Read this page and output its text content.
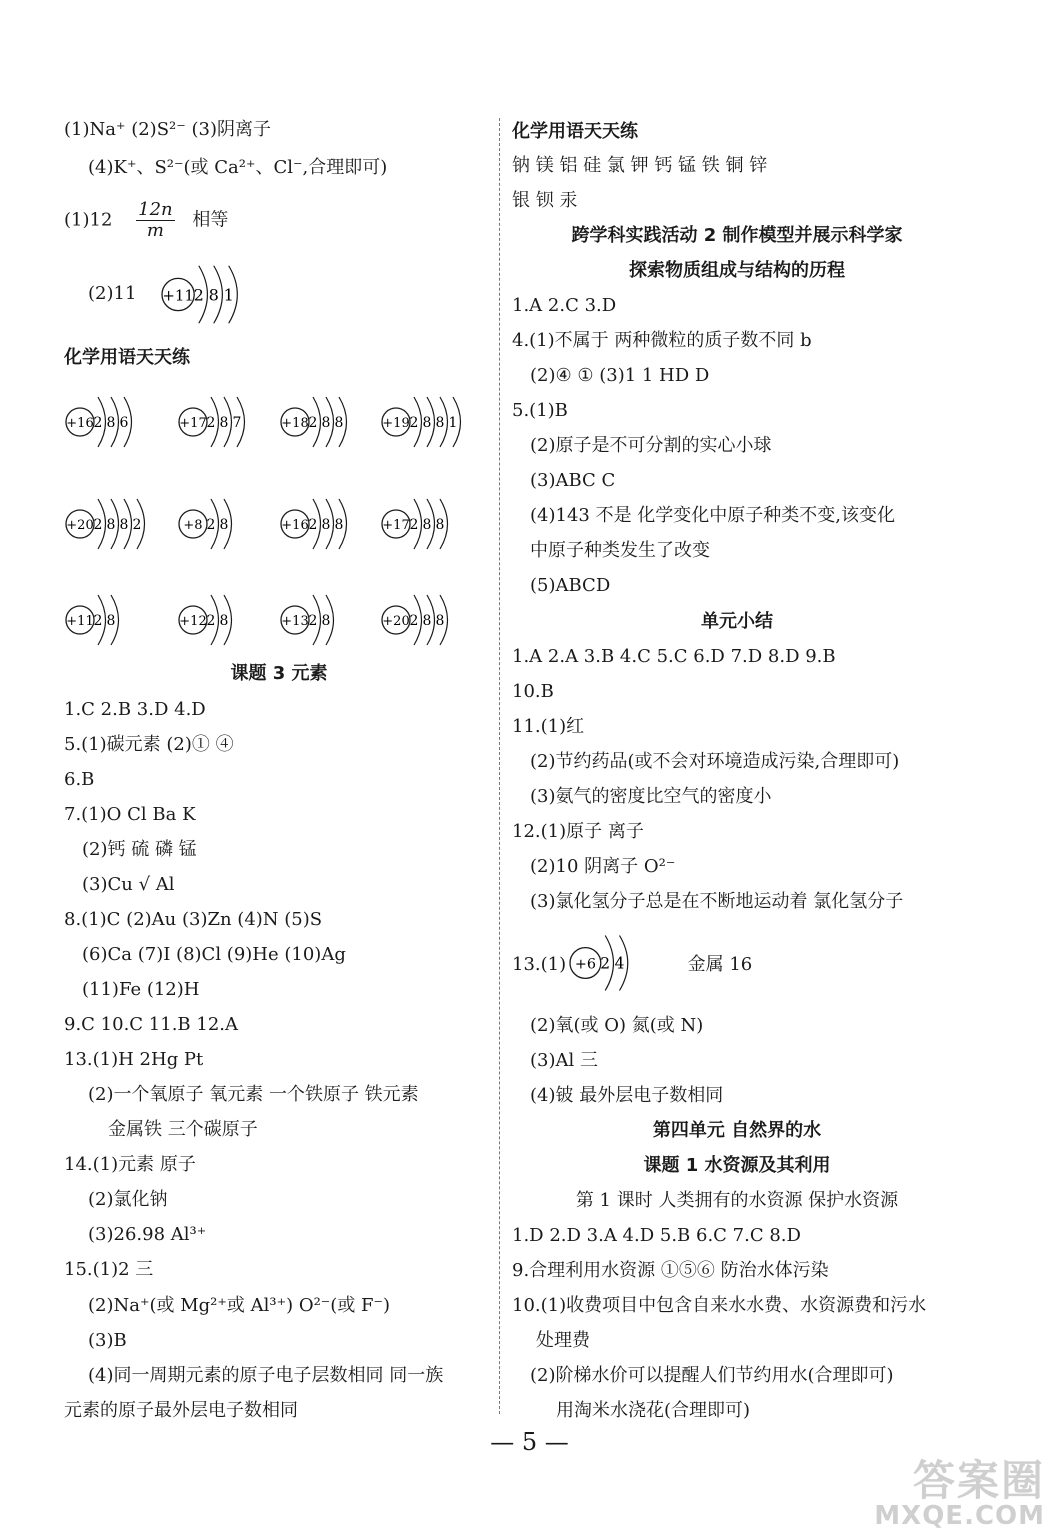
(1)Na⁺ (2)S²⁻ (3)阴离子
(4)K⁺、S²⁻(或 Ca²⁺、Cl⁻,合理即可)
$(1)12 \frac{12n}{m}$ 相等
(2)11 +11 2 8 1
化学用语天天练
+16 2 8 6	+17 2 8 7	+18 2 8 8	+19 2 8 8 1
+20 2 8 8 2	+8 2 8	+16 2 8 8	+17 2 8 8
+11 2 8	+12 2 8	+13 2 8	+20 2 8 8
课题 3 元素
1.C 2.B 3.D 4.D
5.(1)碳元素 (2)① ④
6.B
7.(1)O Cl Ba K
(2)钙 硫 磷 锰
(3)Cu √ Al
8.(1)C (2)Au (3)Zn (4)N (5)S
(6)Ca (7)I (8)Cl (9)He (10)Ag
(11)Fe (12)H
9.C 10.C 11.B 12.A
13.(1)H 2Hg Pt
(2)一个氧原子 氧元素 一个铁原子 铁元素
金属铁 三个碳原子
14.(1)元素 原子
(2)氯化钠
(3)26.98 Al³⁺
15.(1)2 三
(2)Na⁺(或 Mg²⁺或 Al³⁺) O²⁻(或 F⁻)
(3)B
(4)同一周期元素的原子电子层数相同 同一族
元素的原子最外层电子数相同
化学用语天天练
钠 镁 铝 硅 氯 钾 钙 锰 铁 铜 锌
银 钡 汞
跨学科实践活动 2 制作模型并展示科学家
探索物质组成与结构的历程
1.A 2.C 3.D
4.(1)不属于 两种微粒的质子数不同 b
(2)④ ① (3)1 1 HD D
5.(1)B
(2)原子是不可分割的实心小球
(3)ABC C
(4)143 不是 化学变化中原子种类不变,该变化
中原子种类发生了改变
(5)ABCD
单元小结
1.A 2.A 3.B 4.C 5.C 6.D 7.D 8.D 9.B
10.B
11.(1)红
(2)节约药品(或不会对环境造成污染,合理即可)
(3)氨气的密度比空气的密度小
12.(1)原子 离子
(2)10 阴离子 O²⁻
(3)氯化氢分子总是在不断地运动着 氯化氢分子
13.(1)	金属 16
+6 2 4
(2)氧(或 O) 氮(或 N)
(3)Al 三
(4)铍 最外层电子数相同
第四单元 自然界的水
课题 1 水资源及其利用
第 1 课时 人类拥有的水资源 保护水资源
1.D 2.D 3.A 4.D 5.B 6.C 7.C 8.D
9.合理利用水资源 ①⑤⑥ 防治水体污染
10.(1)收费项目中包含自来水水费、水资源费和污水
处理费
(2)阶梯水价可以提醒人们节约用水(合理即可)
用淘米水浇花(合理即可)
— 5 —
答案圈
MXQE.COM
